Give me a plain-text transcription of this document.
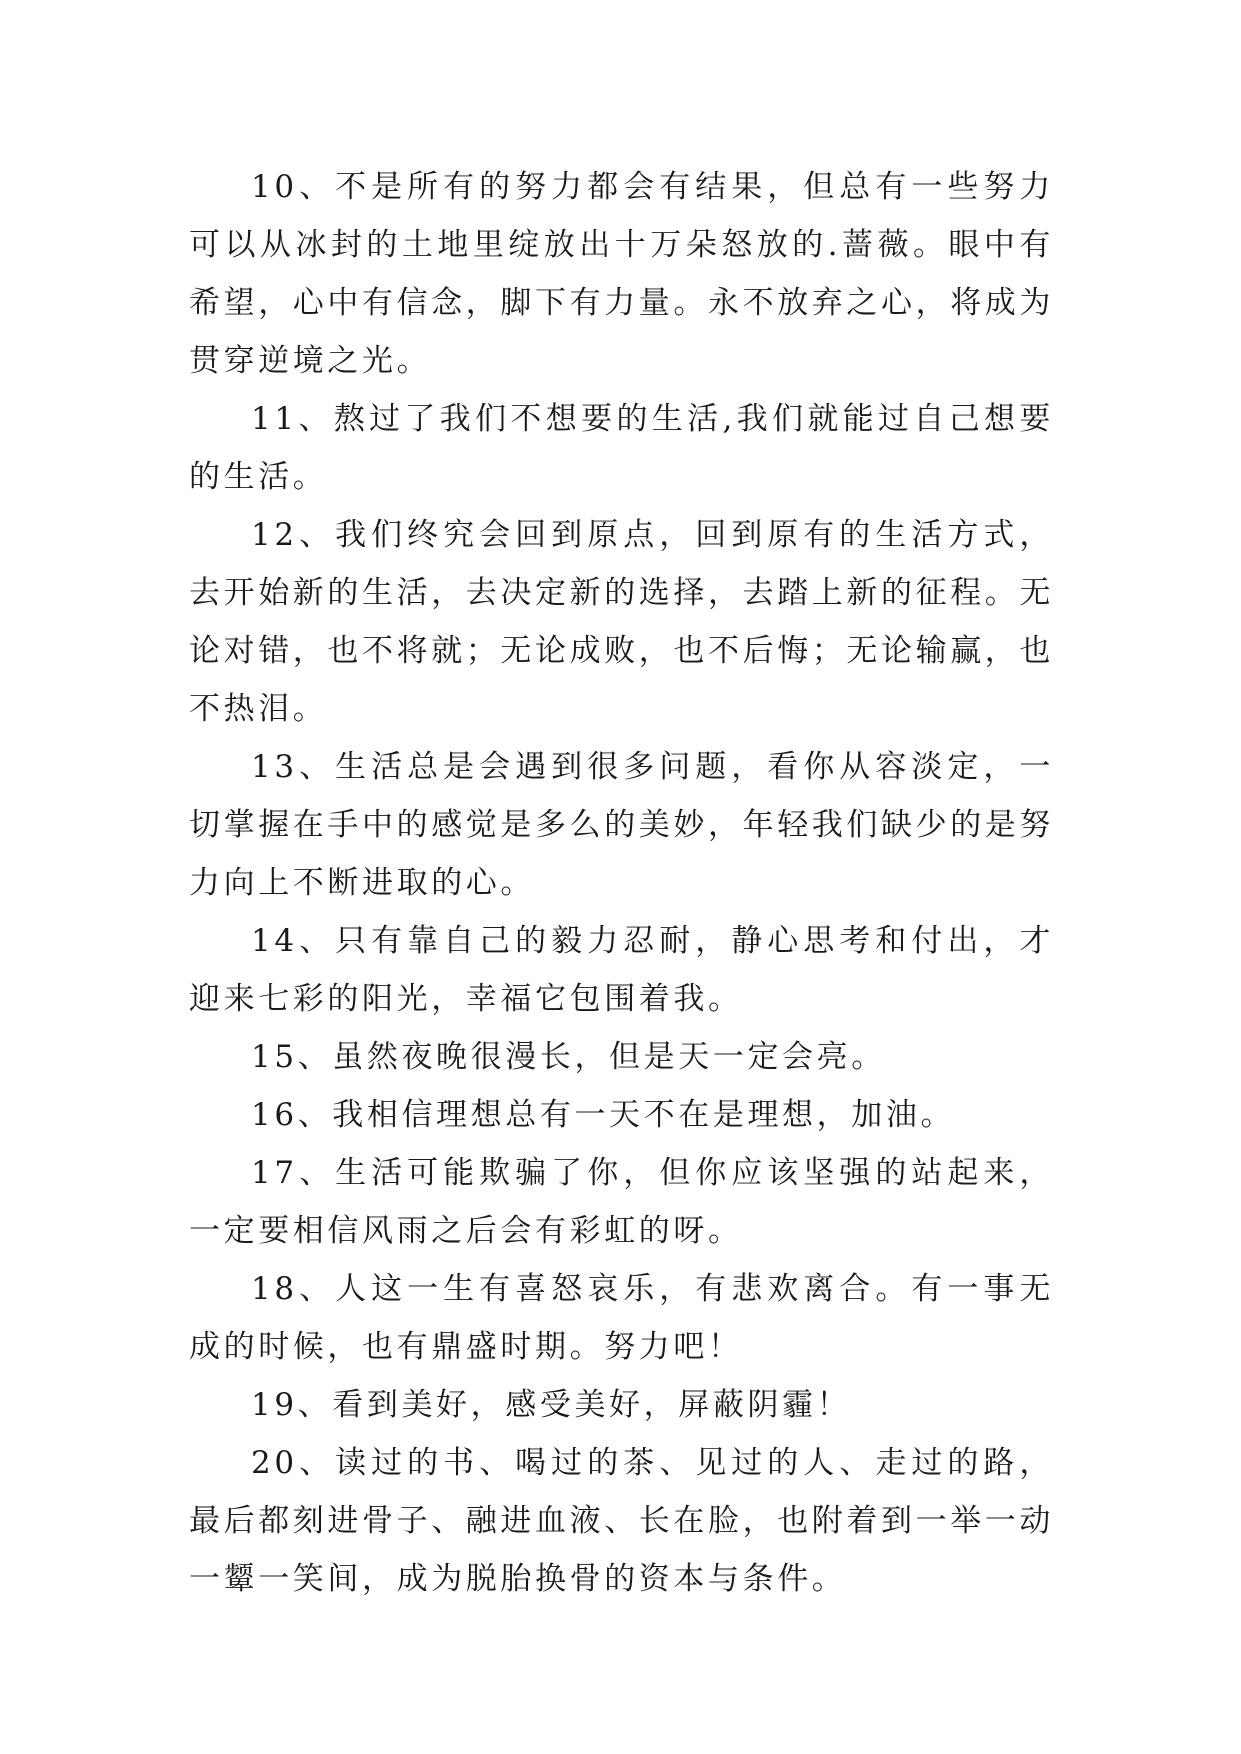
10、不是所有的努力都会有结果，但总有一些努力可以从冰封的土地里绽放出十万朵怒放的.蔷薇。眼中有希望，心中有信念，脚下有力量。永不放弃之心，将成为贯穿逆境之光。

11、熬过了我们不想要的生活,我们就能过自己想要的生活。

12、我们终究会回到原点，回到原有的生活方式，去开始新的生活，去决定新的选择，去踏上新的征程。无论对错，也不将就；无论成败，也不后悔；无论输赢，也不热泪。

13、生活总是会遇到很多问题，看你从容淡定，一切掌握在手中的感觉是多么的美妙，年轻我们缺少的是努力向上不断进取的心。

14、只有靠自己的毅力忍耐，静心思考和付出，才迎来七彩的阳光，幸福它包围着我。

15、虽然夜晚很漫长，但是天一定会亮。

16、我相信理想总有一天不在是理想，加油。

17、生活可能欺骗了你，但你应该坚强的站起来，一定要相信风雨之后会有彩虹的呀。

18、人这一生有喜怒哀乐，有悲欢离合。有一事无成的时候，也有鼎盛时期。努力吧！

19、看到美好，感受美好，屏蔽阴霾！

20、读过的书、喝过的茶、见过的人、走过的路，最后都刻进骨子、融进血液、长在脸，也附着到一举一动一颦一笑间，成为脱胎换骨的资本与条件。
